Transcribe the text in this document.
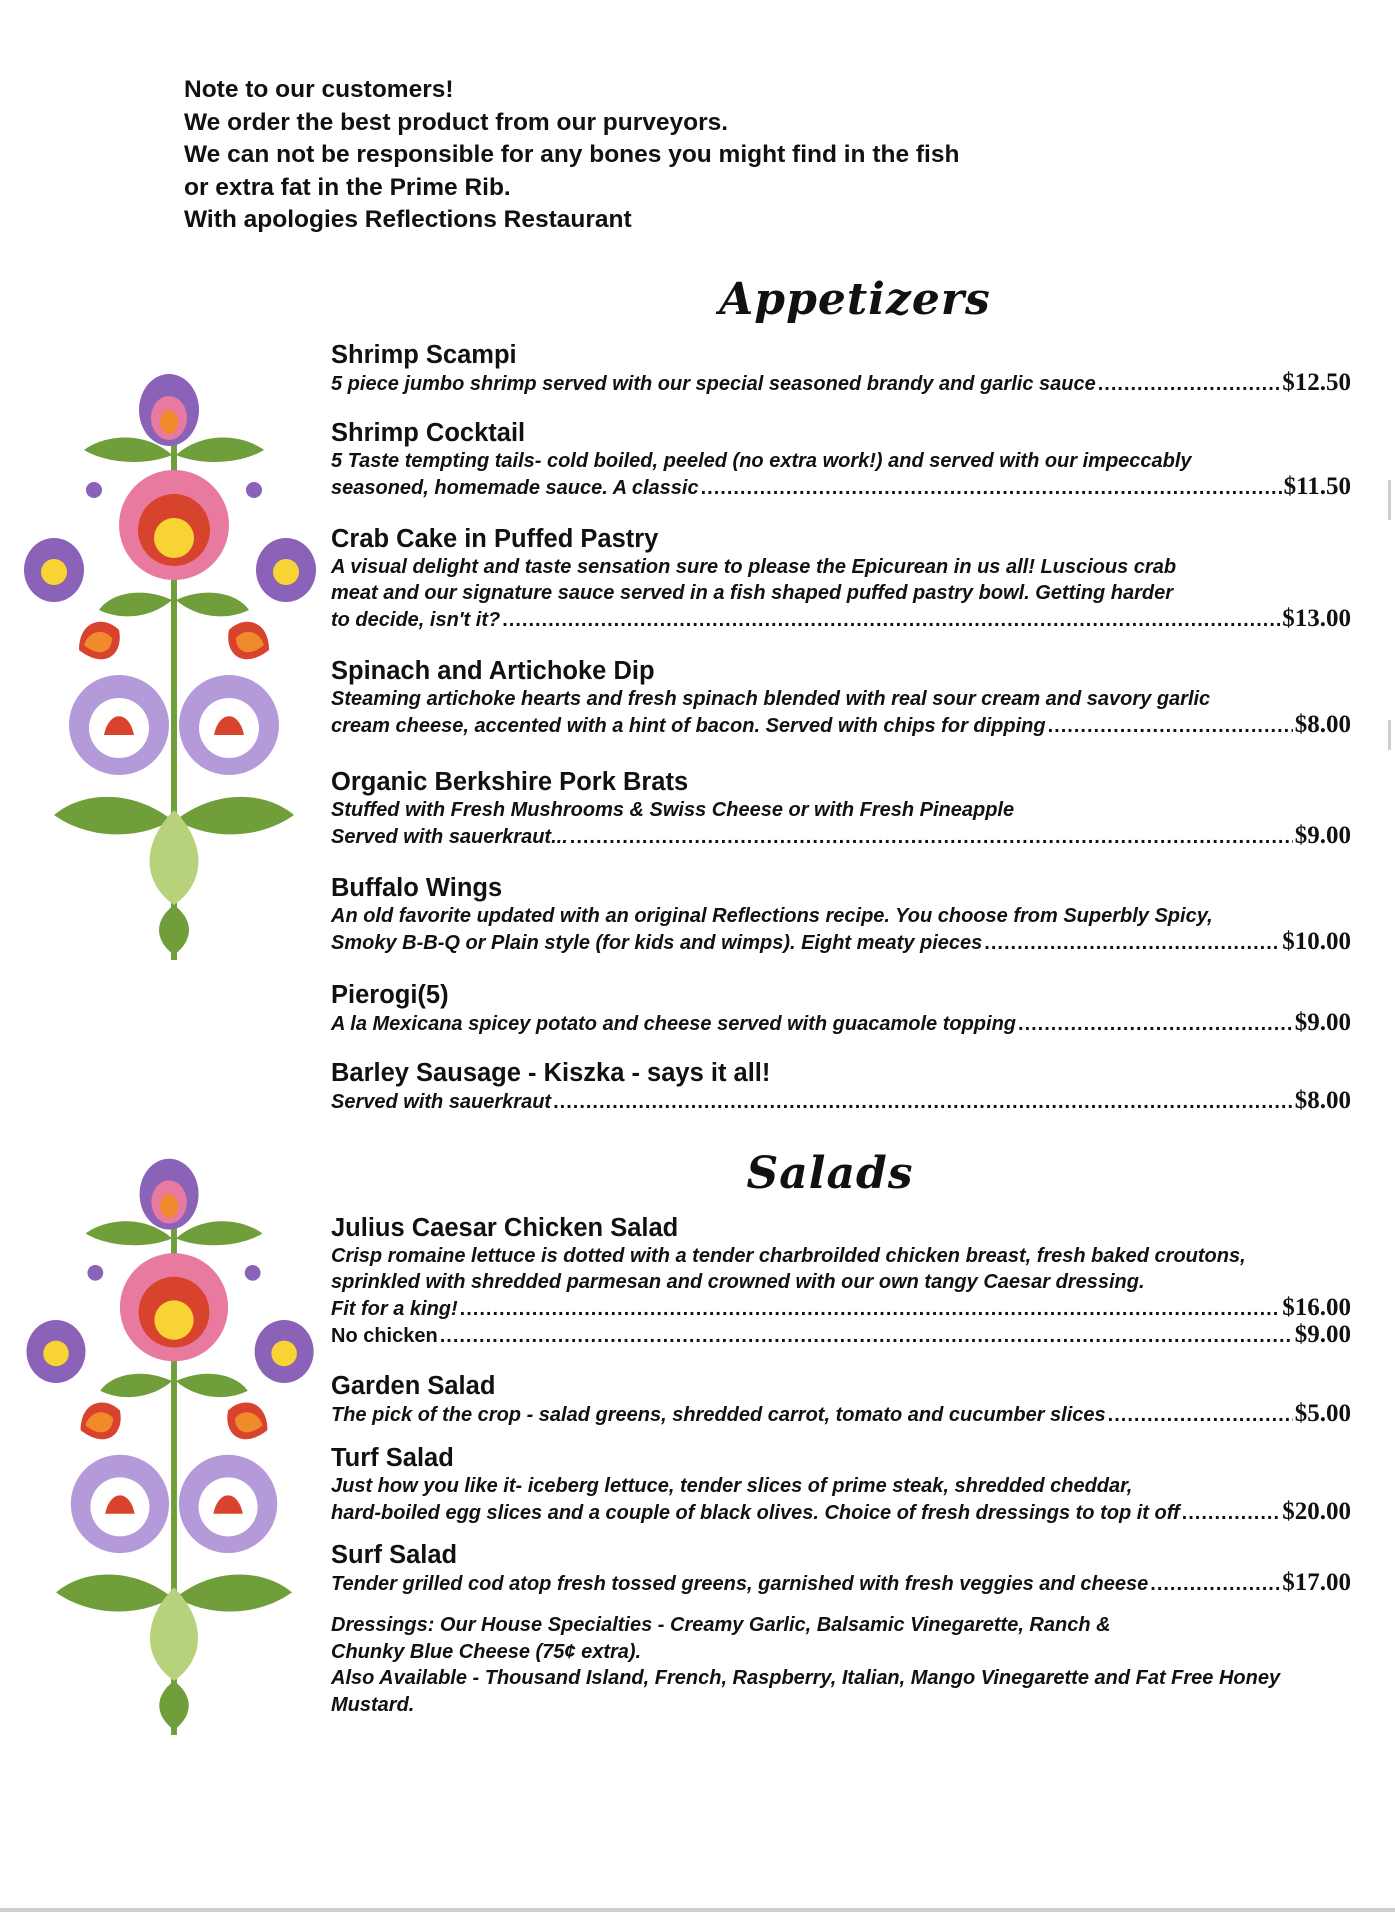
Note to our customers!
We order the best product from our purveyors.
We can not be responsible for any bones you might find in the fish
or extra fat in the Prime Rib.
With apologies Reflections Restaurant
Appetizers
Shrimp Scampi
5 piece jumbo shrimp served with our special seasoned brandy and garlic sauce .....	$12.50
Shrimp Cocktail
5 Taste tempting tails- cold boiled, peeled (no extra work!) and served with our impeccably
seasoned, homemade sauce. A classic .....	$11.50
Crab Cake in Puffed Pastry
A visual delight and taste sensation sure to please the Epicurean in us all! Luscious crab
meat and our signature sauce served in a fish shaped puffed pastry bowl. Getting harder
to decide, isn't it? .....	$13.00
Spinach and Artichoke Dip
Steaming artichoke hearts and fresh spinach blended with real sour cream and savory garlic
cream cheese, accented with a hint of bacon. Served with chips for dipping .....	$8.00
Organic Berkshire Pork Brats
Stuffed with Fresh Mushrooms & Swiss Cheese or with Fresh Pineapple
Served with sauerkraut... .....	$9.00
Buffalo Wings
An old favorite updated with an original Reflections recipe. You choose from Superbly Spicy,
Smoky B-B-Q or Plain style (for kids and wimps). Eight meaty pieces .....	$10.00
Pierogi(5)
A la Mexicana spicey potato and cheese served with guacamole topping .....	$9.00
Barley Sausage - Kiszka - says it all!
Served with sauerkraut .....	$8.00
Salads
Julius Caesar Chicken Salad
Crisp romaine lettuce is dotted with a tender charbroilded chicken breast, fresh baked croutons,
sprinkled with shredded parmesan and crowned with our own tangy Caesar dressing.
Fit for a king! .....	$16.00
No chicken .....	$9.00
Garden Salad
The pick of the crop - salad greens, shredded carrot, tomato and cucumber slices .....	$5.00
Turf Salad
Just how you like it- iceberg lettuce, tender slices of prime steak, shredded cheddar,
hard-boiled egg slices and a couple of black olives. Choice of fresh dressings to top it off .....	$20.00
Surf Salad
Tender grilled cod atop fresh tossed greens, garnished with fresh veggies and cheese .....	$17.00
Dressings: Our House Specialties - Creamy Garlic, Balsamic Vinegarette, Ranch &
Chunky Blue Cheese (75¢ extra).
Also Available - Thousand Island, French, Raspberry, Italian, Mango Vinegarette and Fat Free Honey
Mustard.
